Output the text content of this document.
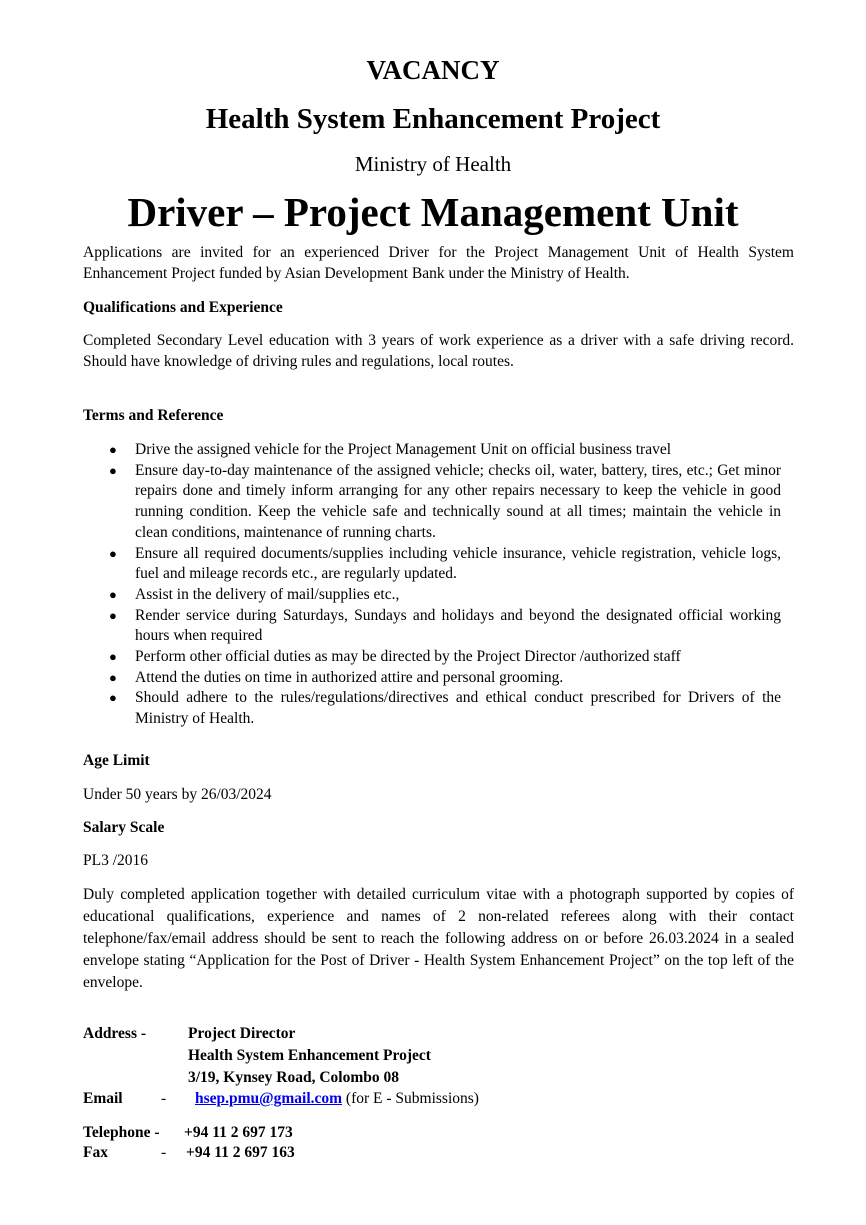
VACANCY
Health System Enhancement Project
Ministry of Health
Driver – Project Management Unit
Applications are invited for an experienced Driver for the Project Management Unit of Health System Enhancement Project funded by Asian Development Bank under the Ministry of Health.
Qualifications and Experience
Completed Secondary Level education with 3 years of work experience as a driver with a safe driving record. Should have knowledge of driving rules and regulations, local routes.
Terms and Reference
● Drive the assigned vehicle for the Project Management Unit on official business travel
● Ensure day-to-day maintenance of the assigned vehicle; checks oil, water, battery, tires, etc.; Get minor repairs done and timely inform arranging for any other repairs necessary to keep the vehicle in good running condition. Keep the vehicle safe and technically sound at all times; maintain the vehicle in clean conditions, maintenance of running charts.
● Ensure all required documents/supplies including vehicle insurance, vehicle registration, vehicle logs, fuel and mileage records etc., are regularly updated.
● Assist in the delivery of mail/supplies etc.,
● Render service during Saturdays, Sundays and holidays and beyond the designated official working hours when required
● Perform other official duties as may be directed by the Project Director /authorized staff
● Attend the duties on time in authorized attire and personal grooming.
● Should adhere to the rules/regulations/directives and ethical conduct prescribed for Drivers of the Ministry of Health.
Age Limit
Under 50 years by 26/03/2024
Salary Scale
PL3 /2016
Duly completed application together with detailed curriculum vitae with a photograph supported by copies of educational qualifications, experience and names of 2 non-related referees along with their contact telephone/fax/email address should be sent to reach the following address on or before 26.03.2024 in a sealed envelope stating “Application for the Post of Driver - Health System Enhancement Project” on the top left of the envelope.
Address -	Project Director
Health System Enhancement Project
3/19, Kynsey Road, Colombo 08
Email - hsep.pmu@gmail.com (for E - Submissions)
Telephone - +94 11 2 697 173
Fax	- +94 11 2 697 163
